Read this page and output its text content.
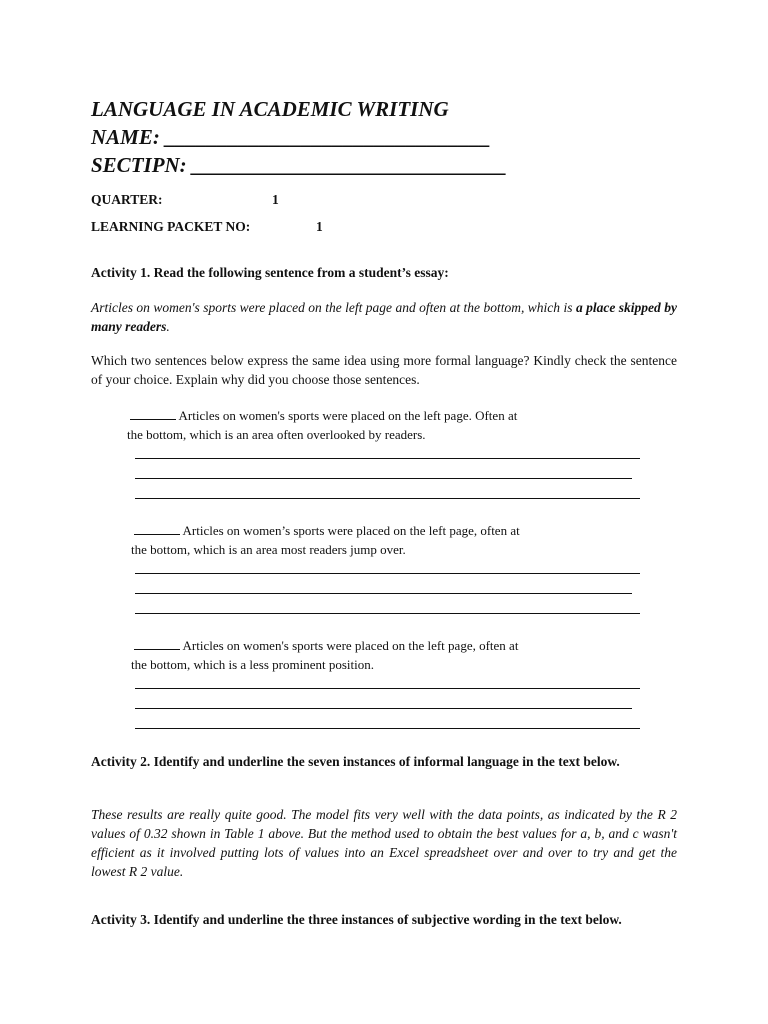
LANGUAGE IN ACADEMIC WRITING
NAME: _______________________________
SECTIPN: ______________________________
QUARTER:	1
LEARNING PACKET NO:	1
Activity 1. Read the following sentence from a student’s essay:
Articles on women's sports were placed on the left page and often at the bottom, which is a place skipped by many readers.
Which two sentences below express the same idea using more formal language? Kindly check the sentence of your choice. Explain why did you choose those sentences.
Articles on women's sports were placed on the left page. Often at
the bottom, which is an area often overlooked by readers.
Articles on women’s sports were placed on the left page, often at
the bottom, which is an area most readers jump over.
Articles on women's sports were placed on the left page, often at
the bottom, which is a less prominent position.
Activity 2. Identify and underline the seven instances of informal language in the text below.
These results are really quite good. The model fits very well with the data points, as indicated by the R 2 values of 0.32 shown in Table 1 above. But the method used to obtain the best values for a, b, and c wasn't efficient as it involved putting lots of values into an Excel spreadsheet over and over to try and get the lowest R 2 value.
Activity 3. Identify and underline the three instances of subjective wording in the text below.
